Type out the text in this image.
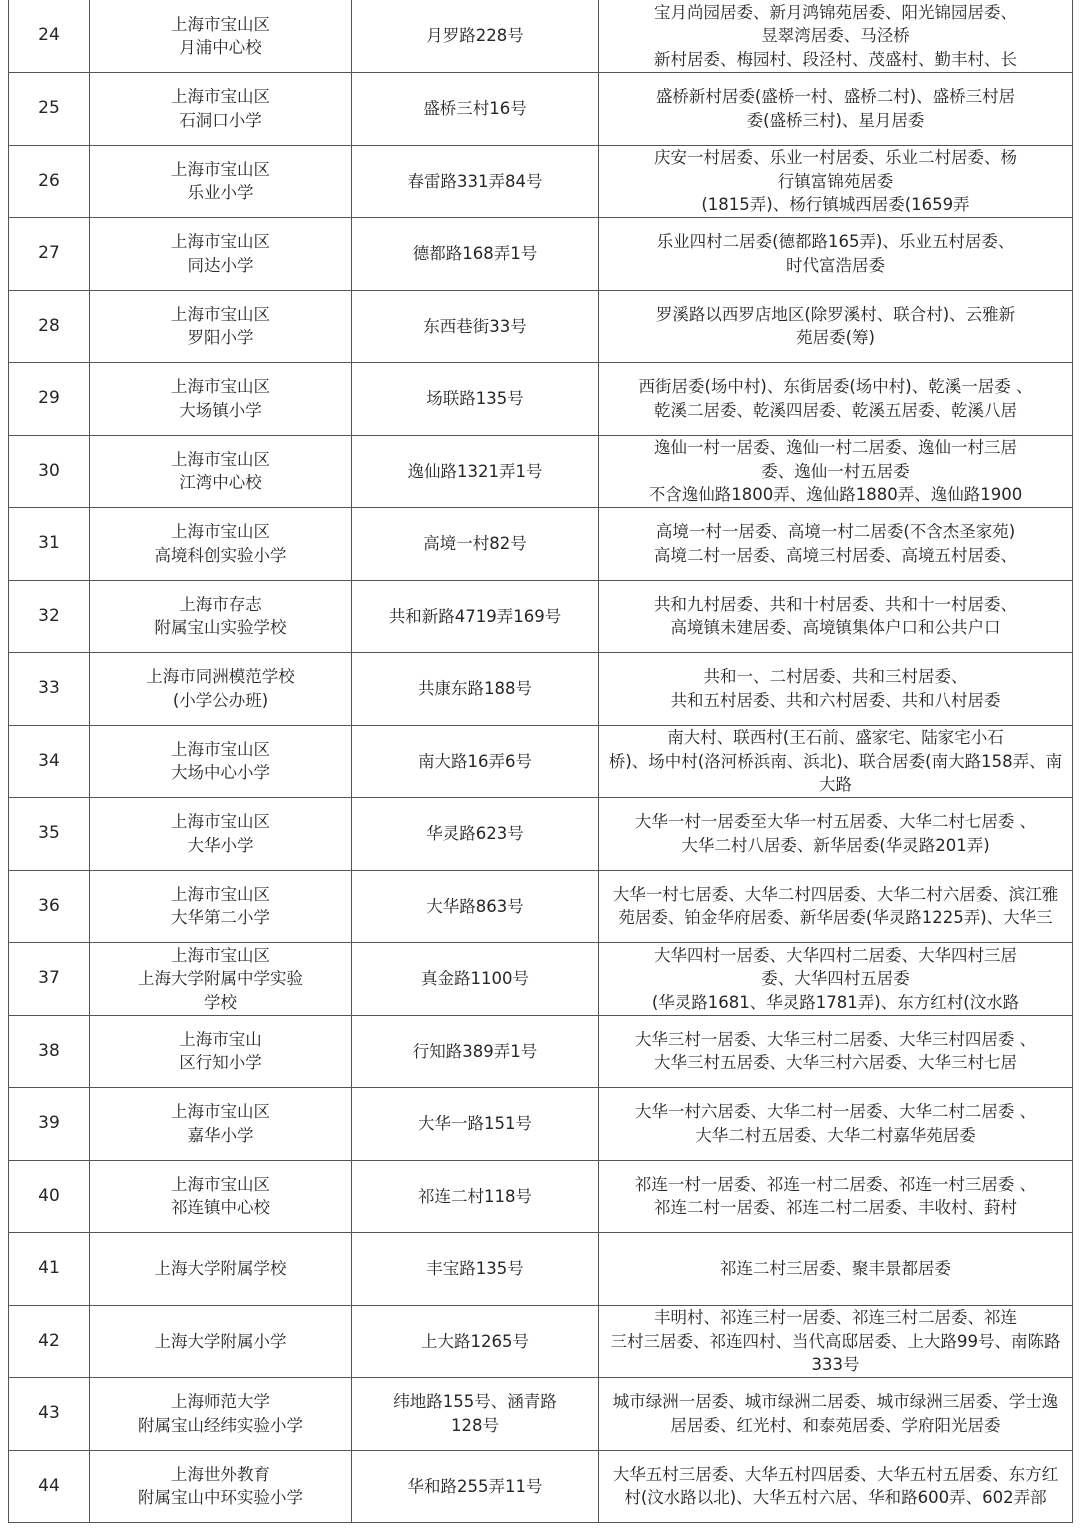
24	上海市宝山区
月浦中心校	月罗路228号	宝月尚园居委、新月鸿锦苑居委、阳光锦园居委、
昱翠湾居委、马泾桥
新村居委、梅园村、段泾村、茂盛村、勤丰村、长

25	上海市宝山区
石洞口小学	盛桥三村16号	盛桥新村居委(盛桥一村、盛桥二村)、盛桥三村居
委(盛桥三村)、星月居委

26	上海市宝山区
乐业小学	春雷路331弄84号	庆安一村居委、乐业一村居委、乐业二村居委、杨
行镇富锦苑居委
(1815弄)、杨行镇城西居委(1659弄

27	上海市宝山区
同达小学	德都路168弄1号	乐业四村二居委(德都路165弄)、乐业五村居委、
时代富浩居委

28	上海市宝山区
罗阳小学	东西巷街33号	罗溪路以西罗店地区(除罗溪村、联合村)、云雅新
苑居委(筹)

29	上海市宝山区
大场镇小学	场联路135号	西街居委(场中村)、东街居委(场中村)、乾溪一居委 、
乾溪二居委、乾溪四居委、乾溪五居委、乾溪八居

30	上海市宝山区
江湾中心校	逸仙路1321弄1号	逸仙一村一居委、逸仙一村二居委、逸仙一村三居
委、逸仙一村五居委
不含逸仙路1800弄、逸仙路1880弄、逸仙路1900

31	上海市宝山区
高境科创实验小学	高境一村82号	高境一村一居委、高境一村二居委(不含杰圣家苑)
高境二村一居委、高境三村居委、高境五村居委、

32	上海市存志
附属宝山实验学校	共和新路4719弄169号	共和九村居委、共和十村居委、共和十一村居委、
高境镇未建居委、高境镇集体户口和公共户口

33	上海市同洲模范学校
(小学公办班)	共康东路188号	共和一、二村居委、共和三村居委、
共和五村居委、共和六村居委、共和八村居委

34	上海市宝山区
大场中心小学	南大路16弄6号	南大村、联西村(王石前、盛家宅、陆家宅小石
桥)、场中村(洛河桥浜南、浜北)、联合居委(南大路158弄、南
大路

35	上海市宝山区
大华小学	华灵路623号	大华一村一居委至大华一村五居委、大华二村七居委 、
大华二村八居委、新华居委(华灵路201弄)

36	上海市宝山区
大华第二小学	大华路863号	大华一村七居委、大华二村四居委、大华二村六居委、滨江雅
苑居委、铂金华府居委、新华居委(华灵路1225弄)、大华三

37	上海市宝山区
上海大学附属中学实验
学校	真金路1100号	大华四村一居委、大华四村二居委、大华四村三居
委、大华四村五居委
(华灵路1681、华灵路1781弄)、东方红村(汶水路

38	上海市宝山
区行知小学	行知路389弄1号	大华三村一居委、大华三村二居委、大华三村四居委 、
大华三村五居委、大华三村六居委、大华三村七居

39	上海市宝山区
嘉华小学	大华一路151号	大华一村六居委、大华二村一居委、大华二村二居委 、
大华二村五居委、大华二村嘉华苑居委

40	上海市宝山区
祁连镇中心校	祁连二村118号	祁连一村一居委、祁连一村二居委、祁连一村三居委 、
祁连二村一居委、祁连二村二居委、丰收村、葑村

41	上海大学附属学校	丰宝路135号	祁连二村三居委、聚丰景都居委

42	上海大学附属小学	上大路1265号	丰明村、祁连三村一居委、祁连三村二居委、祁连
三村三居委、祁连四村、当代高邸居委、上大路99号、南陈路
333号

43	上海师范大学
附属宝山经纬实验小学	纬地路155号、涵青路
128号	城市绿洲一居委、城市绿洲二居委、城市绿洲三居委、学士逸
居居委、红光村、和泰苑居委、学府阳光居委

44	上海世外教育
附属宝山中环实验小学	华和路255弄11号	大华五村三居委、大华五村四居委、大华五村五居委、东方红
村(汶水路以北)、大华五村六居、华和路600弄、602弄部
